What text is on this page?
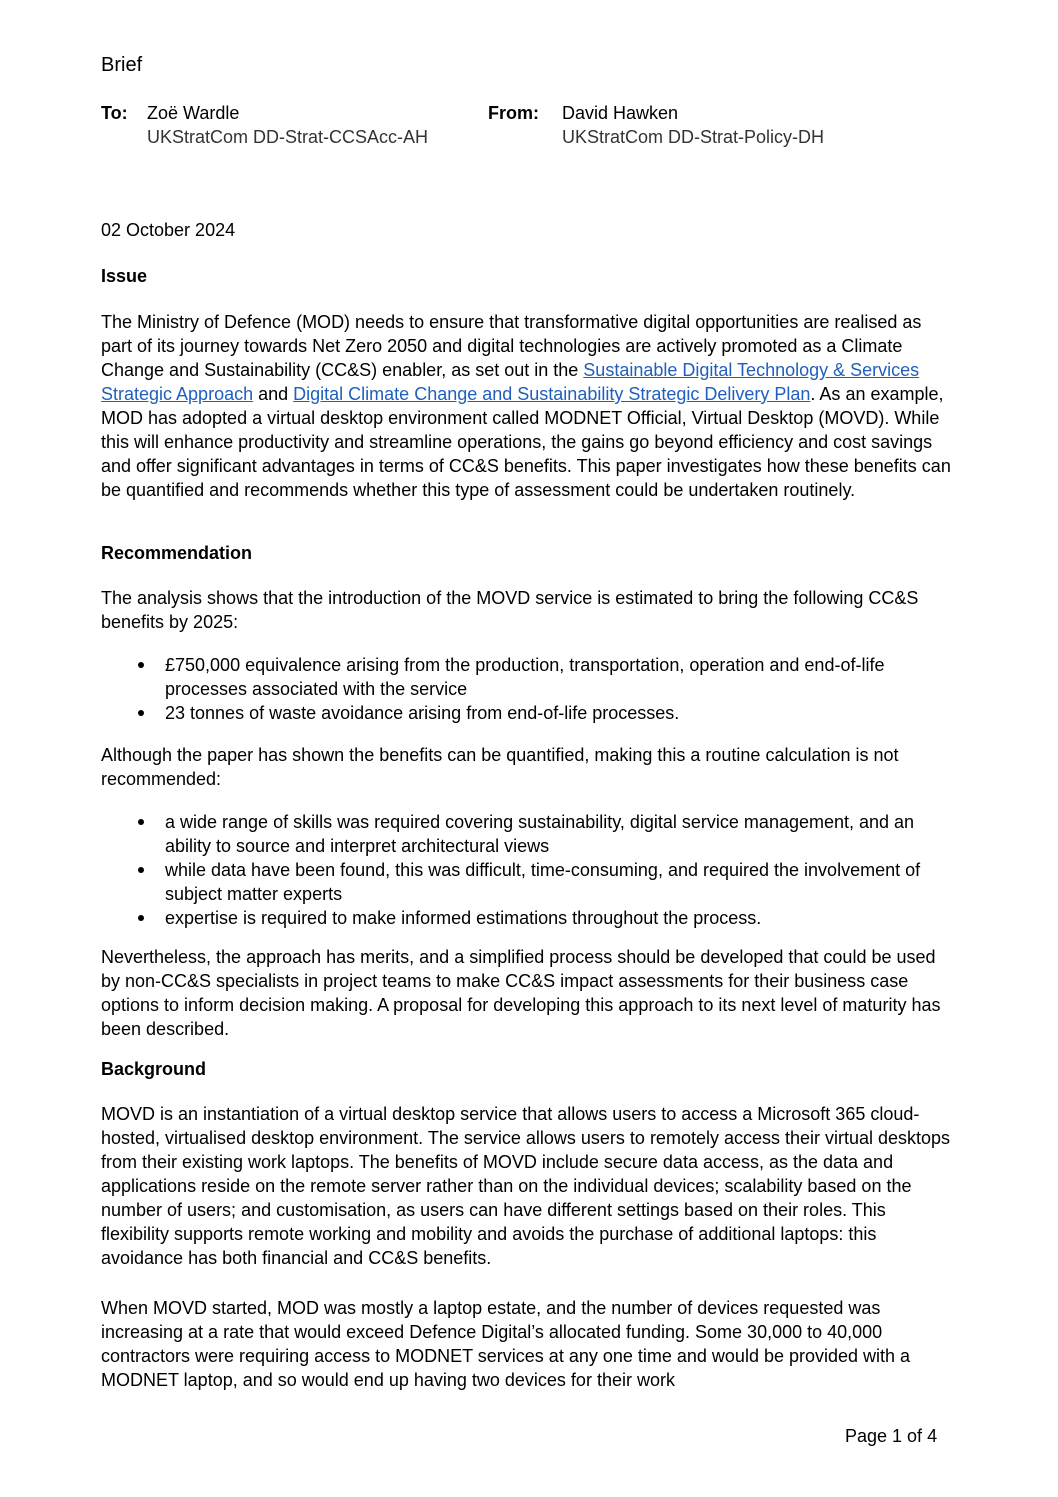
Brief
To: Zoë Wardle
UKStratCom DD-Strat-CCSAcc-AH
From: David Hawken
UKStratCom DD-Strat-Policy-DH
02 October 2024
Issue

The Ministry of Defence (MOD) needs to ensure that transformative digital opportunities are realised as part of its journey towards Net Zero 2050 and digital technologies are actively promoted as a Climate Change and Sustainability (CC&S) enabler, as set out in the Sustainable Digital Technology & Services Strategic Approach and Digital Climate Change and Sustainability Strategic Delivery Plan. As an example, MOD has adopted a virtual desktop environment called MODNET Official, Virtual Desktop (MOVD). While this will enhance productivity and streamline operations, the gains go beyond efficiency and cost savings and offer significant advantages in terms of CC&S benefits. This paper investigates how these benefits can be quantified and recommends whether this type of assessment could be undertaken routinely.

Recommendation

The analysis shows that the introduction of the MOVD service is estimated to bring the following CC&S benefits by 2025:

£750,000 equivalence arising from the production, transportation, operation and end-of-life processes associated with the service
23 tonnes of waste avoidance arising from end-of-life processes.

Although the paper has shown the benefits can be quantified, making this a routine calculation is not recommended:

a wide range of skills was required covering sustainability, digital service management, and an ability to source and interpret architectural views
while data have been found, this was difficult, time-consuming, and required the involvement of subject matter experts
expertise is required to make informed estimations throughout the process.

Nevertheless, the approach has merits, and a simplified process should be developed that could be used by non-CC&S specialists in project teams to make CC&S impact assessments for their business case options to inform decision making. A proposal for developing this approach to its next level of maturity has been described.

Background

MOVD is an instantiation of a virtual desktop service that allows users to access a Microsoft 365 cloud-hosted, virtualised desktop environment. The service allows users to remotely access their virtual desktops from their existing work laptops. The benefits of MOVD include secure data access, as the data and applications reside on the remote server rather than on the individual devices; scalability based on the number of users; and customisation, as users can have different settings based on their roles. This flexibility supports remote working and mobility and avoids the purchase of additional laptops: this avoidance has both financial and CC&S benefits.

When MOVD started, MOD was mostly a laptop estate, and the number of devices requested was increasing at a rate that would exceed Defence Digital’s allocated funding. Some 30,000 to 40,000 contractors were requiring access to MODNET services at any one time and would be provided with a MODNET laptop, and so would end up having two devices for their work

Page 1 of 4
